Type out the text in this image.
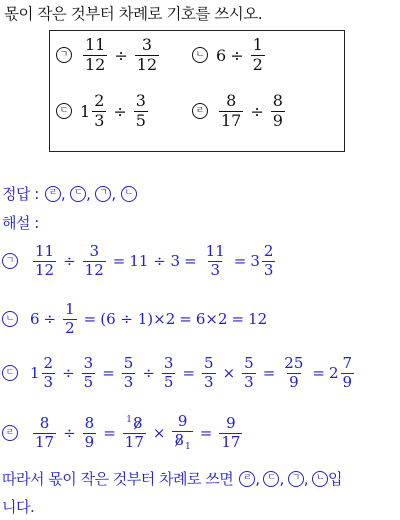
몫이 작은 것부터 차례로 기호를 쓰시오.
ㄱ $\frac{11}{12} \div \frac{3}{12}$	ㄴ $6 \div \frac{1}{2}$
ㄷ $1 \frac{2}{3} \div \frac{3}{5}$	ㄹ $\frac{8}{17} \div \frac{8}{9}$
정답 :	ㄹ , ㄷ , ㄱ , ㄴ
해설 :
ㄱ $\frac{11}{12} \div \frac{3}{12} = 11 \div 3 = \frac{11}{3} = 3 \frac{2}{3}$
ㄴ $6 \div \frac{1}{2} = (6 \div 1)\times 2 = 6\times 2 = 12$
ㄷ $1 \frac{2}{3} \div \frac{3}{5} = \frac{5}{3} \div \frac{3}{5} = \frac{5}{3} \times \frac{5}{3} = \frac{25}{9} = 2 \frac{7}{9}$
ㄹ $\frac{8}{17} \div \frac{8}{9} = \frac{^18}{17} \times \frac{9}{8_1} = \frac{9}{17}$
따라서 몫이 작은 것부터 차례로 쓰면	ㄹ , ㄷ , ㄱ , ㄴ 입
니다.
